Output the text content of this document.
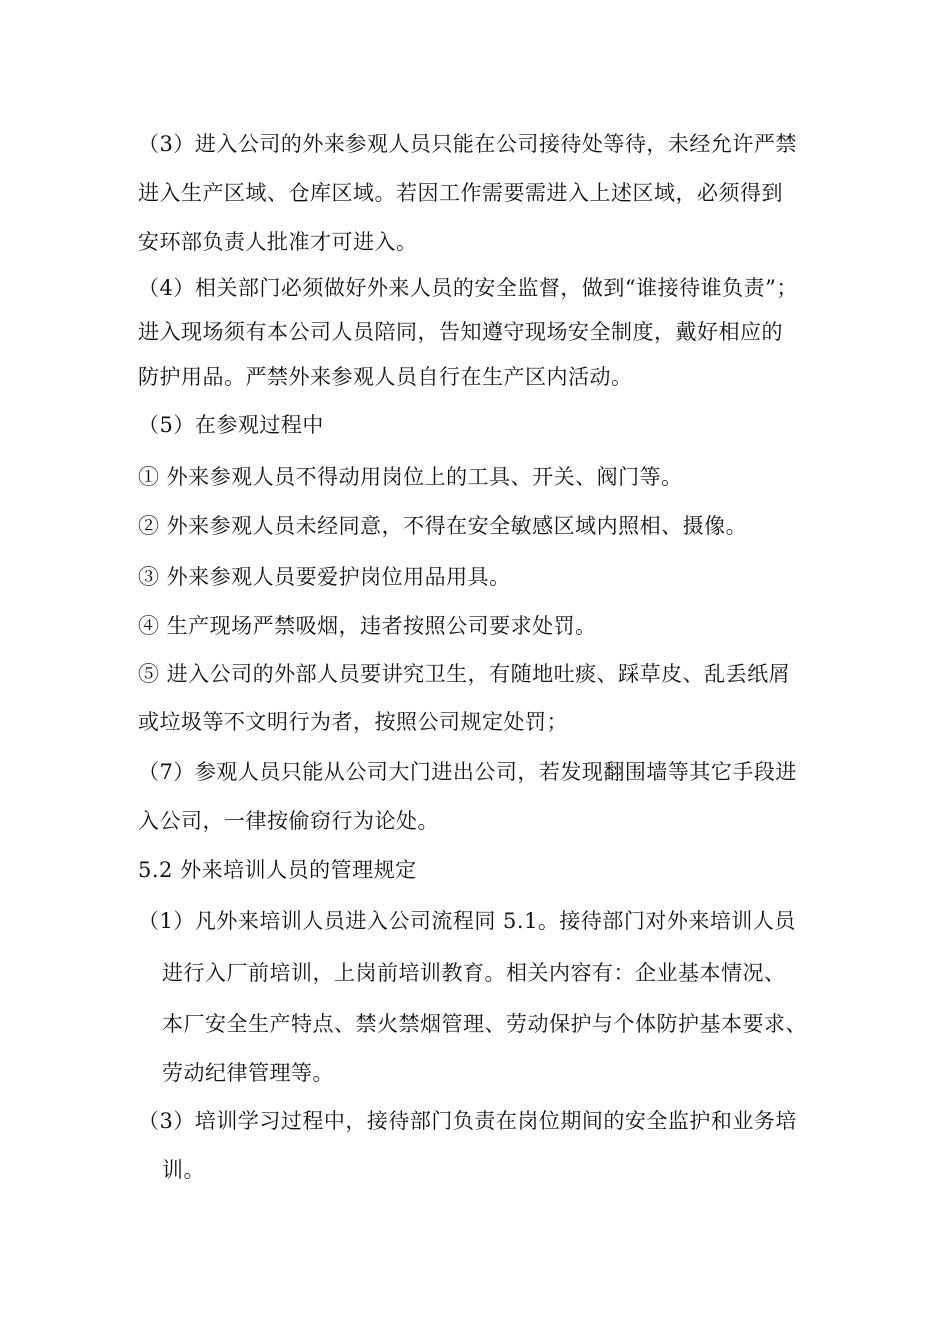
（3）进入公司的外来参观人员只能在公司接待处等待，未经允许严禁
进入生产区域、仓库区域。若因工作需要需进入上述区域，必须得到
安环部负责人批准才可进入。
（4）相关部门必须做好外来人员的安全监督，做到“谁接待谁负责”；
进入现场须有本公司人员陪同，告知遵守现场安全制度，戴好相应的
防护用品。严禁外来参观人员自行在生产区内活动。
（5）在参观过程中
① 外来参观人员不得动用岗位上的工具、开关、阀门等。
② 外来参观人员未经同意，不得在安全敏感区域内照相、摄像。
③ 外来参观人员要爱护岗位用品用具。
④ 生产现场严禁吸烟，违者按照公司要求处罚。
⑤ 进入公司的外部人员要讲究卫生，有随地吐痰、踩草皮、乱丢纸屑
或垃圾等不文明行为者，按照公司规定处罚；
（7）参观人员只能从公司大门进出公司，若发现翻围墙等其它手段进
入公司，一律按偷窃行为论处。
5.2 外来培训人员的管理规定
（1）凡外来培训人员进入公司流程同 5.1。接待部门对外来培训人员
进行入厂前培训，上岗前培训教育。相关内容有：企业基本情况、
本厂安全生产特点、禁火禁烟管理、劳动保护与个体防护基本要求、
劳动纪律管理等。
（3）培训学习过程中，接待部门负责在岗位期间的安全监护和业务培
训。
